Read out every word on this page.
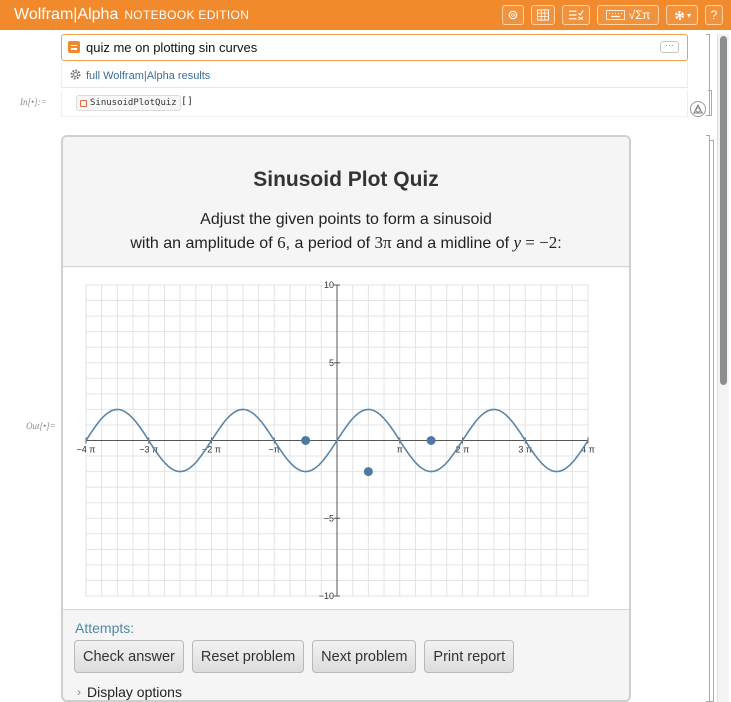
Wolfram|Alpha NOTEBOOK EDITION	√Σπ	▾ ?
quiz me on plotting sin curves	···
full Wolfram|Alpha results
In[•]:=	SinusoidPlotQuiz []
Out[•]=
Sinusoid Plot Quiz
Adjust the given points to form a sinusoid
with an amplitude of 6, a period of 3π and a midline of y = −2:
−4 π	−3 π	−2 π	−π	π	2 π	3 π	4 π
10
5
−5
−10
Attempts:
Check answer	Reset problem	Next problem	Print report
› Display options
